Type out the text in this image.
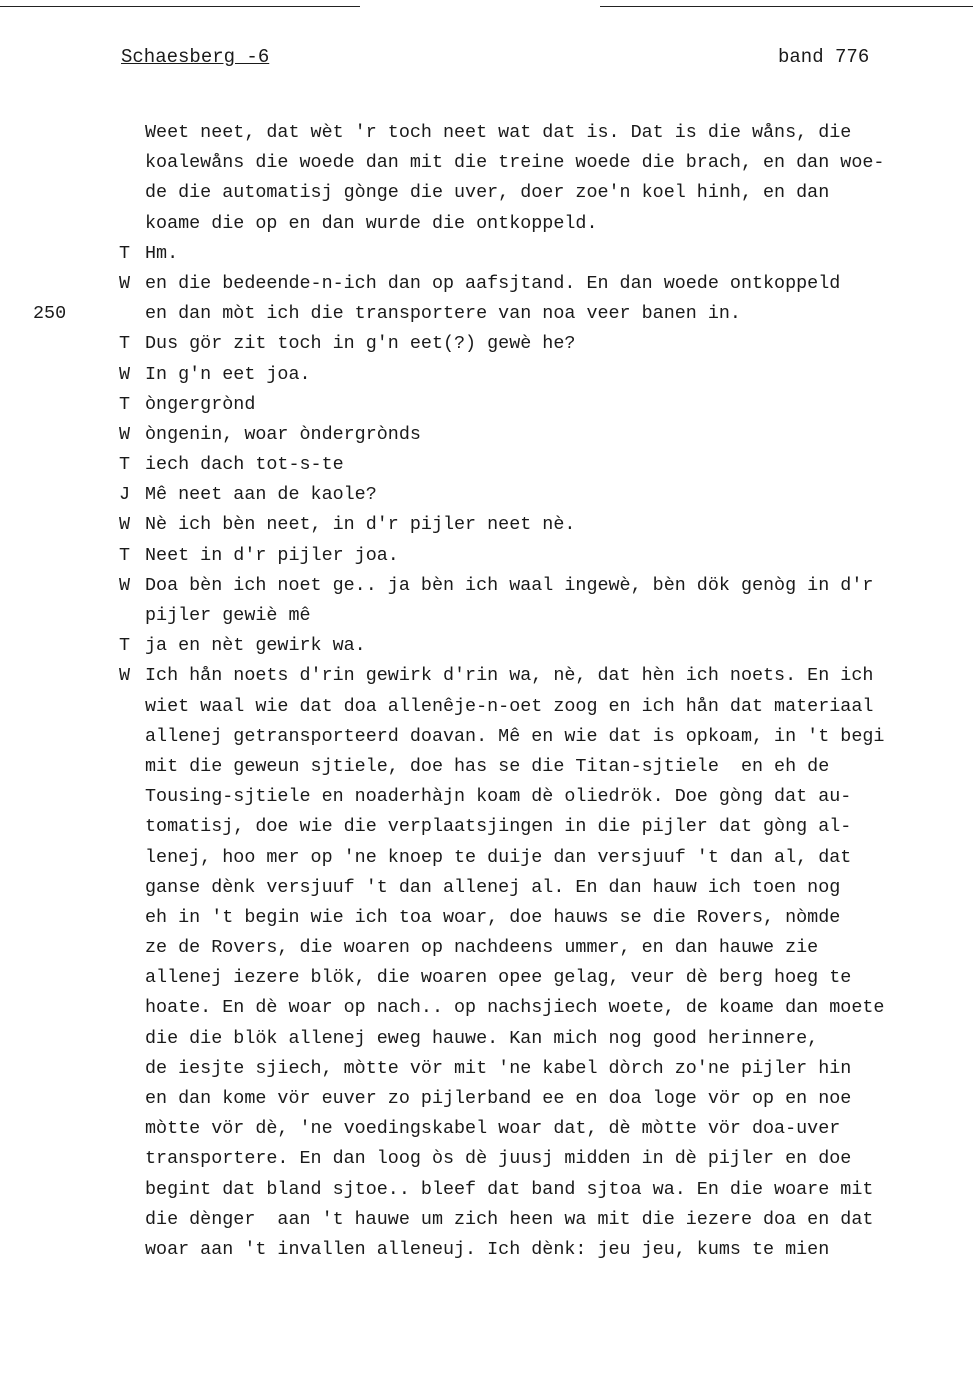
Schaesberg -6	band 776
Weet neet, dat wèt 'r toch neet wat dat is. Dat is die wåns, die
koalewåns die woede dan mit die treine woede die brach, en dan woe-
de die automatisj gònge die uver, doer zoe'n koel hinh, en dan
koame die op en dan wurde die ontkoppeld.
T Hm.
W en die bedeende-n-ich dan op aafsjtand. En dan woede ontkoppeld
250	en dan mòt ich die transportere van noa veer banen in.
T Dus gör zit toch in g'n eet(?) gewè he?
W In g'n eet joa.
T òngergrònd
W òngenin, woar òndergrònds
T iech dach tot-s-te
J Mê neet aan de kaole?
W Nè ich bèn neet, in d'r pijler neet nè.
T Neet in d'r pijler joa.
W Doa bèn ich noet ge.. ja bèn ich waal ingewè, bèn dök genòg in d'r
pijler gewiè mê
T ja en nèt gewirk wa.
W Ich hån noets d'rin gewirk d'rin wa, nè, dat hèn ich noets. En ich
wiet waal wie dat doa allenêje-n-oet zoog en ich hån dat materiaal
allenej getransporteerd doavan. Mê en wie dat is opkoam, in 't begi
mit die geweun sjtiele, doe has se die Titan-sjtiele  en eh de
Tousing-sjtiele en noaderhàjn koam dè oliedrök. Doe gòng dat au-
tomatisj, doe wie die verplaatsjingen in die pijler dat gòng al-
lenej, hoo mer op 'ne knoep te duije dan versjuuf 't dan al, dat
ganse dènk versjuuf 't dan allenej al. En dan hauw ich toen nog
eh in 't begin wie ich toa woar, doe hauws se die Rovers, nòmde
ze de Rovers, die woaren op nachdeens ummer, en dan hauwe zie
allenej iezere blök, die woaren opee gelag, veur dè berg hoeg te
hoate. En dè woar op nach.. op nachsjiech woete, de koame dan moete
die die blök allenej eweg hauwe. Kan mich nog good herinnere,
de iesjte sjiech, mòtte vör mit 'ne kabel dòrch zo'ne pijler hin
en dan kome vör euver zo pijlerband ee en doa loge vör op en noe
mòtte vör dè, 'ne voedingskabel woar dat, dè mòtte vör doa-uver
transportere. En dan loog òs dè juusj midden in dè pijler en doe
begint dat bland sjtoe.. bleef dat band sjtoa wa. En die woare mit
die dènger  aan 't hauwe um zich heen wa mit die iezere doa en dat
woar aan 't invallen alleneuj. Ich dènk: jeu jeu, kums te mien
